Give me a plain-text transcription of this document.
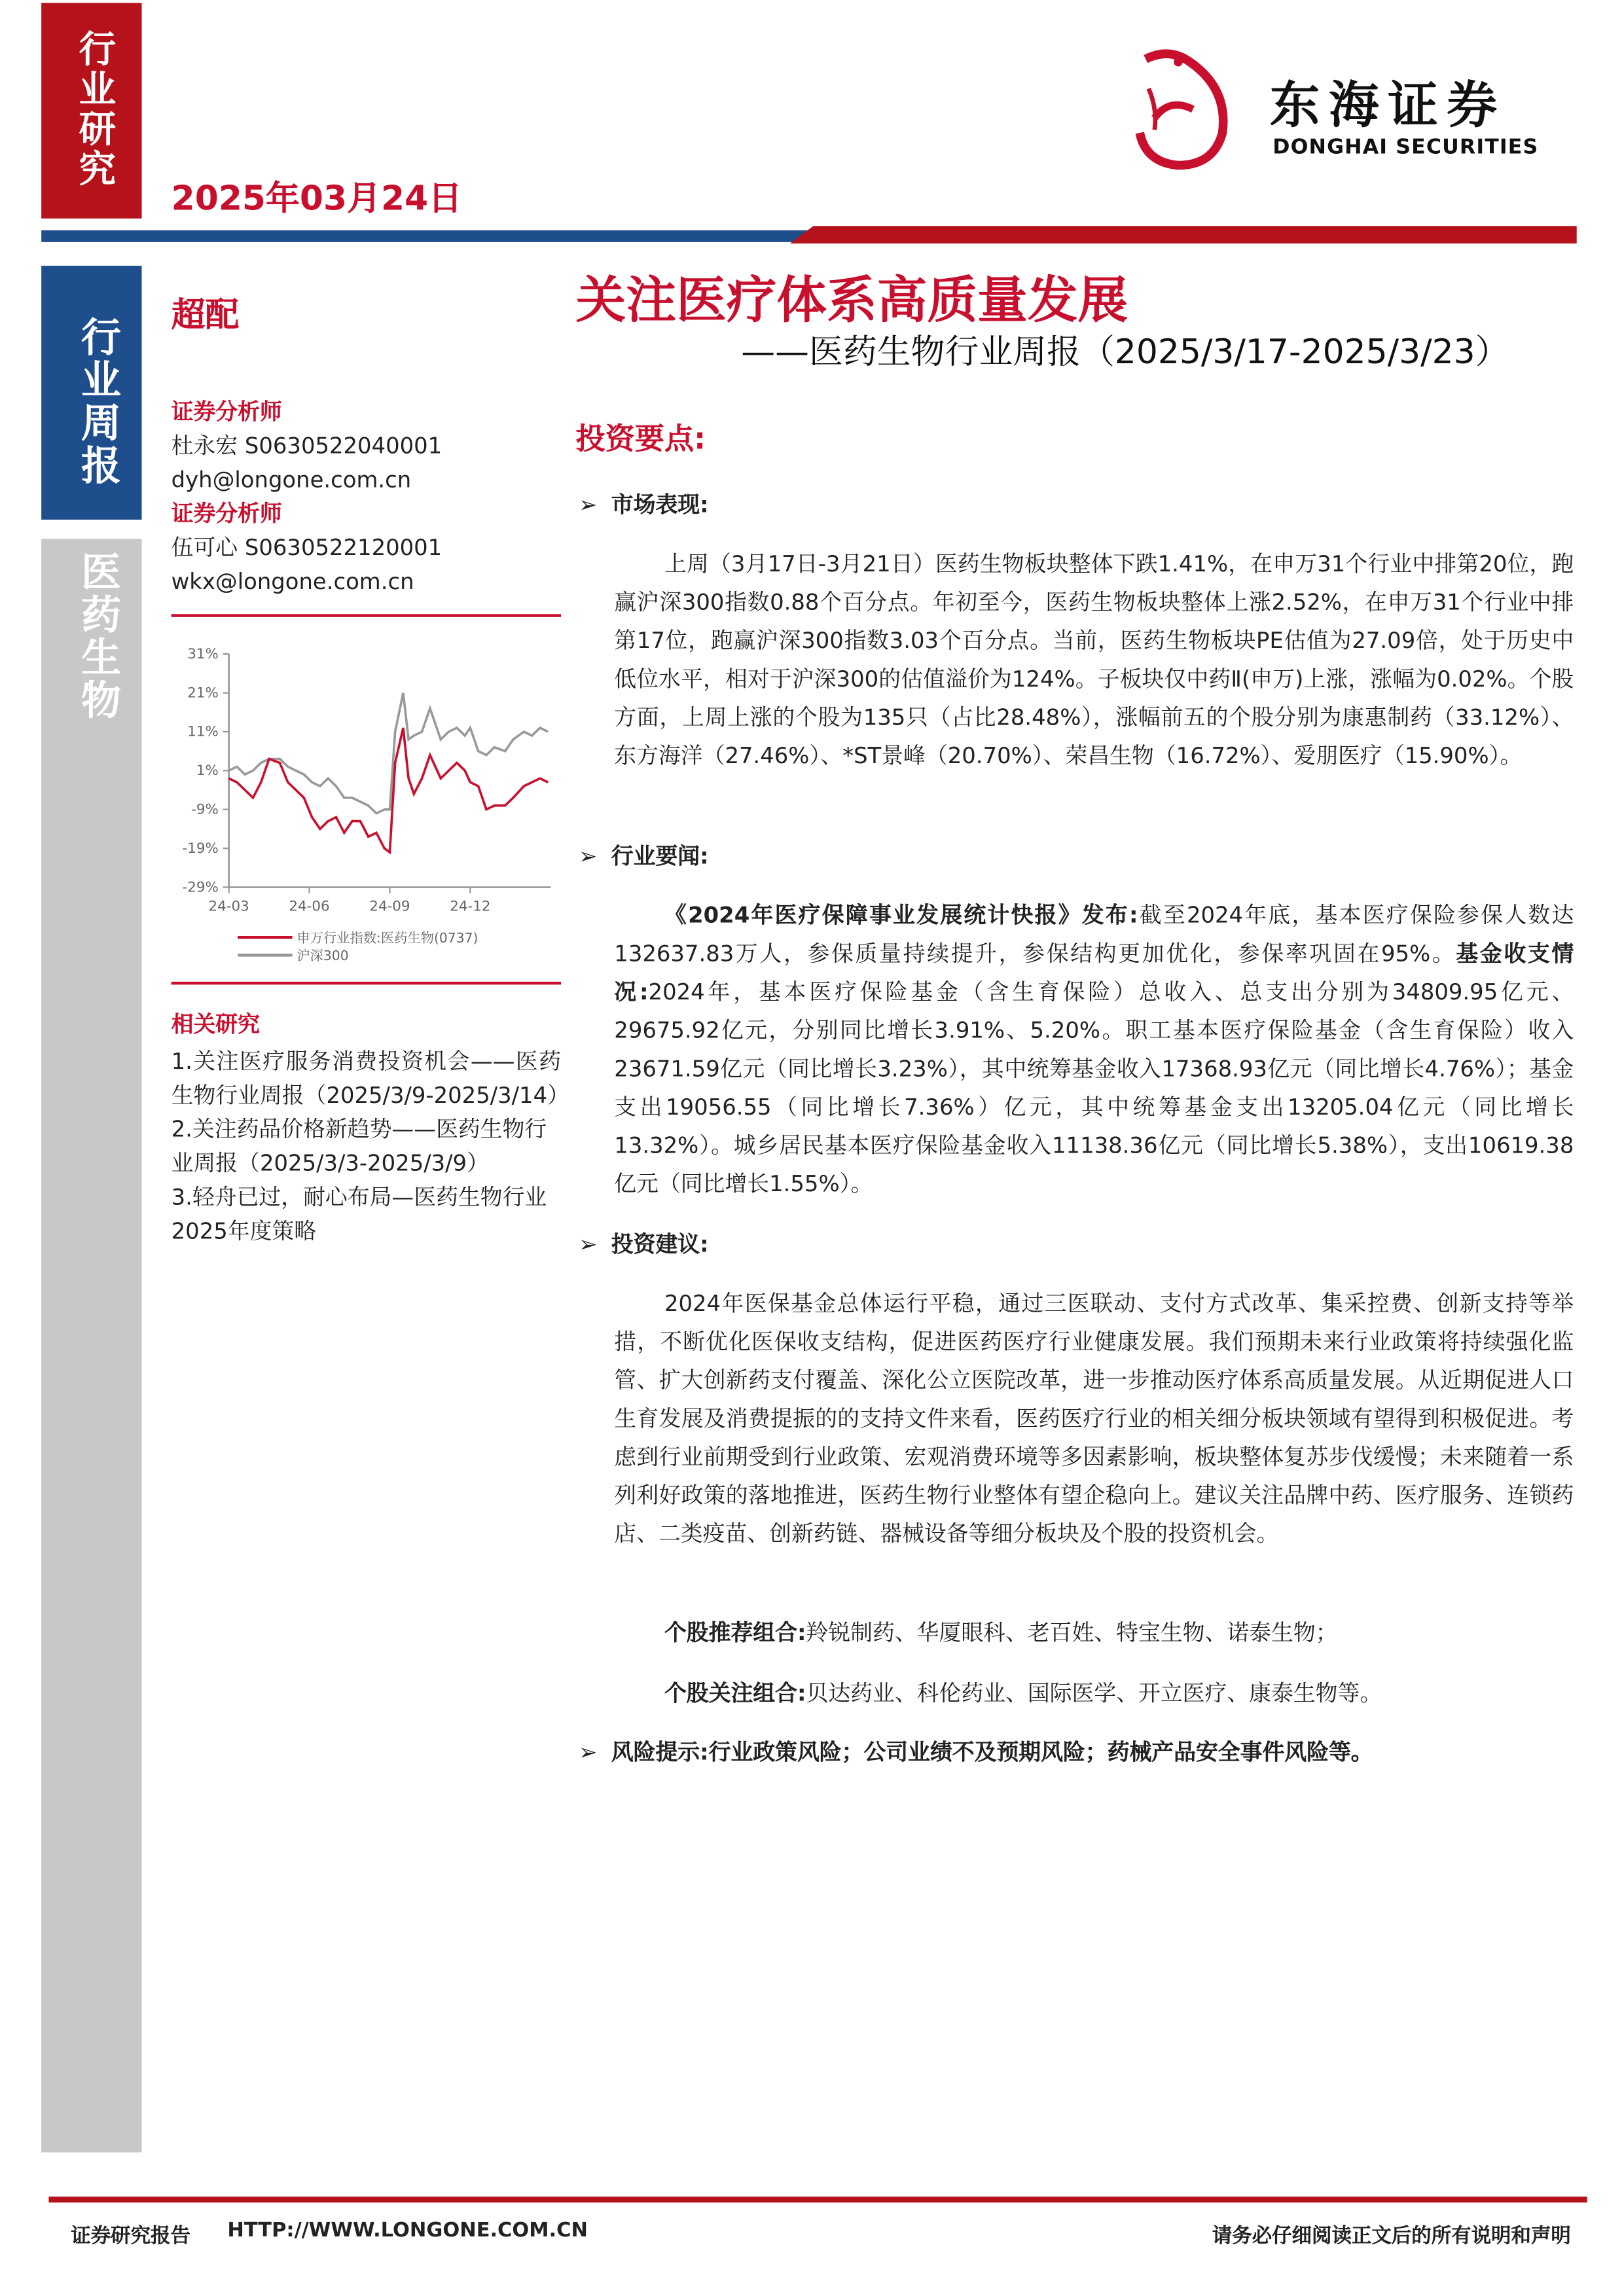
行业研究
2025年03月24日
东海证券
DONGHAI SECURITIES
行业周报
医药生物
超配
证券分析师
杜永宏 S0630522040001
dyh@longone.com.cn
证券分析师
伍可心 S0630522120001
wkx@longone.com.cn
31%
21%
11%
1%
-9%
-19%
-29%
24-03	24-06	24-09	24-12
申万行业指数:医药生物(0737)
沪深300
相关研究
1.关注医疗服务消费投资机会——医药生物行业周报（2025/3/9-2025/3/14）
2.关注药品价格新趋势——医药生物行业周报（2025/3/3-2025/3/9）
3.轻舟已过，耐心布局—医药生物行业2025年度策略
关注医疗体系高质量发展
——医药生物行业周报（2025/3/17-2025/3/23）
投资要点:
➢ 市场表现:
上周（3月17日-3月21日）医药生物板块整体下跌1.41%，在申万31个行业中排第20位，跑赢沪深300指数0.88个百分点。年初至今，医药生物板块整体上涨2.52%，在申万31个行业中排第17位，跑赢沪深300指数3.03个百分点。当前，医药生物板块PE估值为27.09倍，处于历史中低位水平，相对于沪深300的估值溢价为124%。子板块仅中药Ⅱ(申万)上涨，涨幅为0.02%。个股方面，上周上涨的个股为135只（占比28.48%），涨幅前五的个股分别为康惠制药（33.12%）、东方海洋（27.46%）、*ST景峰（20.70%）、荣昌生物（16.72%）、爱朋医疗（15.90%）。
➢ 行业要闻:
《2024年医疗保障事业发展统计快报》发布:截至2024年底，基本医疗保险参保人数达132637.83万人，参保质量持续提升，参保结构更加优化，参保率巩固在95%。基金收支情况:2024年，基本医疗保险基金（含生育保险）总收入、总支出分别为34809.95亿元、29675.92亿元，分别同比增长3.91%、5.20%。职工基本医疗保险基金（含生育保险）收入23671.59亿元（同比增长3.23%），其中统筹基金收入17368.93亿元（同比增长4.76%）；基金支出19056.55（同比增长7.36%）亿元，其中统筹基金支出13205.04亿元（同比增长13.32%）。城乡居民基本医疗保险基金收入11138.36亿元（同比增长5.38%），支出10619.38亿元（同比增长1.55%）。
➢ 投资建议:
2024年医保基金总体运行平稳，通过三医联动、支付方式改革、集采控费、创新支持等举措，不断优化医保收支结构，促进医药医疗行业健康发展。我们预期未来行业政策将持续强化监管、扩大创新药支付覆盖、深化公立医院改革，进一步推动医疗体系高质量发展。从近期促进人口生育发展及消费提振的的支持文件来看，医药医疗行业的相关细分板块领域有望得到积极促进。考虑到行业前期受到行业政策、宏观消费环境等多因素影响，板块整体复苏步伐缓慢；未来随着一系列利好政策的落地推进，医药生物行业整体有望企稳向上。建议关注品牌中药、医疗服务、连锁药店、二类疫苗、创新药链、器械设备等细分板块及个股的投资机会。
个股推荐组合:羚锐制药、华厦眼科、老百姓、特宝生物、诺泰生物；
个股关注组合:贝达药业、科伦药业、国际医学、开立医疗、康泰生物等。
➢ 风险提示:行业政策风险；公司业绩不及预期风险；药械产品安全事件风险等。
证券研究报告	HTTP://WWW.LONGONE.COM.CN	请务必仔细阅读正文后的所有说明和声明
